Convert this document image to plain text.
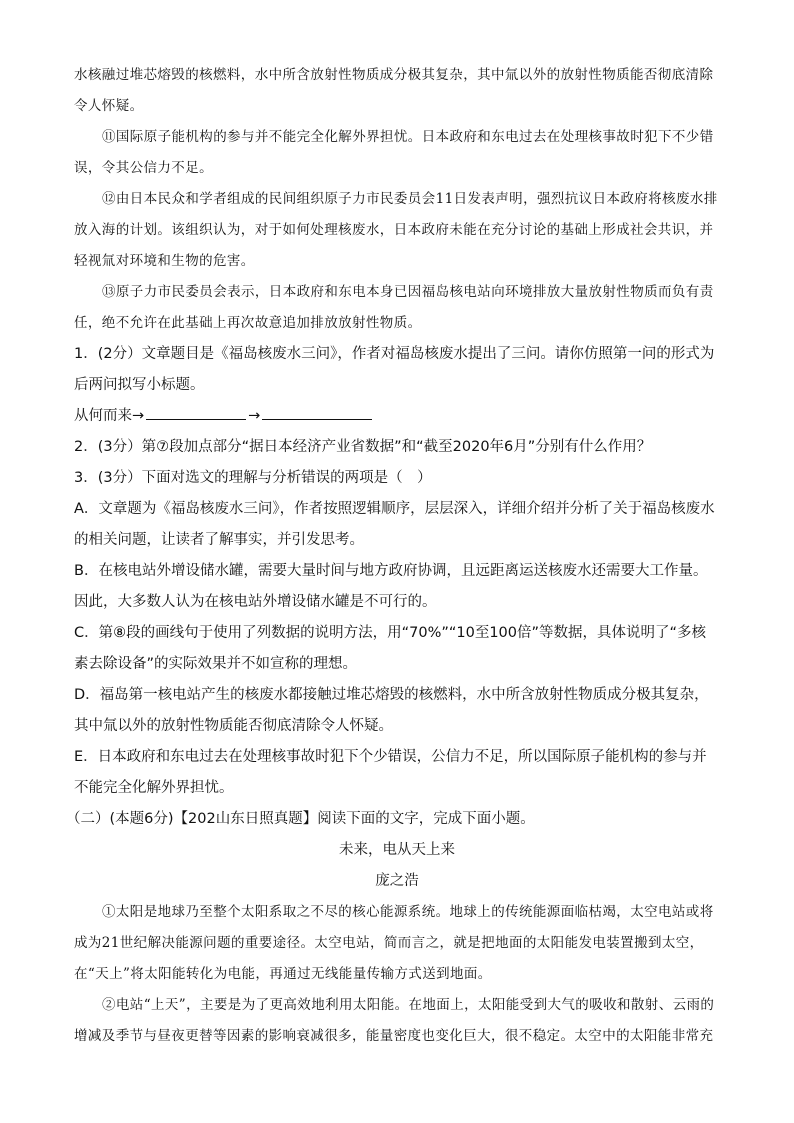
水核融过堆芯熔毁的核燃料，水中所含放射性物质成分极其复杂，其中氚以外的放射性物质能否彻底清除令人怀疑。

⑪国际原子能机构的参与并不能完全化解外界担忧。日本政府和东电过去在处理核事故时犯下不少错误，令其公信力不足。

⑫由日本民众和学者组成的民间组织原子力市民委员会11日发表声明，强烈抗议日本政府将核废水排放入海的计划。该组织认为，对于如何处理核废水，日本政府未能在充分讨论的基础上形成社会共识，并轻视氚对环境和生物的危害。

⑬原子力市民委员会表示，日本政府和东电本身已因福岛核电站向环境排放大量放射性物质而负有责任，绝不允许在此基础上再次故意追加排放放射性物质。

1．(2分）文章题目是《福岛核废水三问》，作者对福岛核废水提出了三问。请你仿照第一问的形式为后两问拟写小标题。

从何而来→	→

2．(3分）第⑦段加点部分“据日本经济产业省数据”和“截至2020年6月”分别有什么作用？

3．(3分）下面对选文的理解与分析错误的两项是（　）

A．文章题为《福岛核废水三问》，作者按照逻辑顺序，层层深入，详细介绍并分析了关于福岛核废水的相关问题，让读者了解事实，并引发思考。

B．在核电站外增设储水罐，需要大量时间与地方政府协调，且远距离运送核废水还需要大工作量。因此，大多数人认为在核电站外增设储水罐是不可行的。

C．第⑧段的画线句于使用了列数据的说明方法，用“70%”“10至100倍”等数据，具体说明了“多核素去除设备”的实际效果并不如宣称的理想。

D．福岛第一核电站产生的核废水都接触过堆芯熔毁的核燃料，水中所含放射性物质成分极其复杂，其中氚以外的放射性物质能否彻底清除令人怀疑。

E．日本政府和东电过去在处理核事故时犯下个少错误，公信力不足，所以国际原子能机构的参与并不能完全化解外界担忧。

（二）(本题6分)【202山东日照真题】阅读下面的文字，完成下面小题。

未来，电从天上来

庞之浩

①太阳是地球乃至整个太阳系取之不尽的核心能源系统。地球上的传统能源面临枯竭，太空电站或将成为21世纪解决能源问题的重要途径。太空电站，简而言之，就是把地面的太阳能发电装置搬到太空，在“天上”将太阳能转化为电能，再通过无线能量传输方式送到地面。

②电站“上天”，主要是为了更高效地利用太阳能。在地面上，太阳能受到大气的吸收和散射、云雨的增减及季节与昼夜更替等因素的影响衰减很多，能量密度也变化巨大，很不稳定。太空中的太阳能非常充
